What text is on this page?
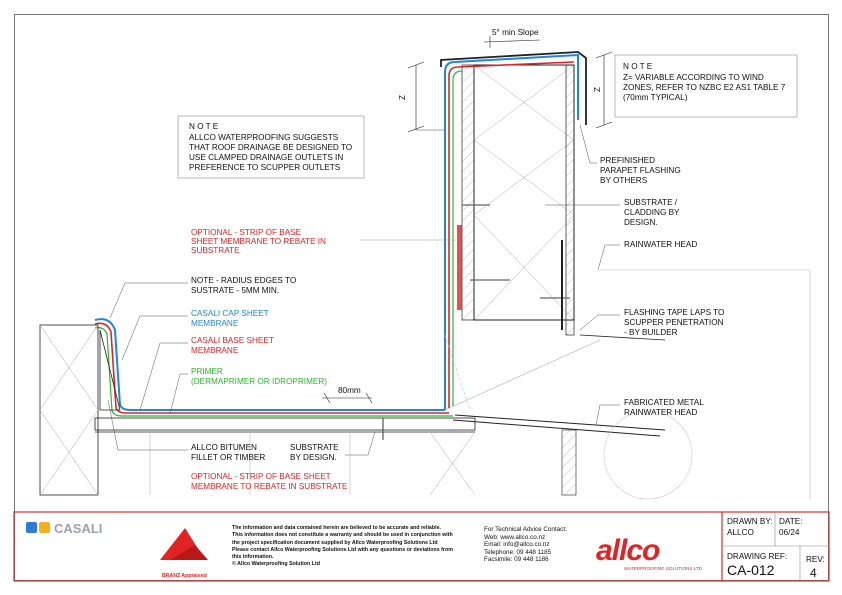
5° min Slope
Z
Z
80mm
N O T E
Z= VARIABLE ACCORDING TO WIND
ZONES, REFER TO NZBC E2 AS1 TABLE 7
(70mm TYPICAL)
N O T E
ALLCO WATERPROOFING SUGGESTS
THAT ROOF DRAINAGE BE DESIGNED TO
USE CLAMPED DRAINAGE OUTLETS IN
PREFERENCE TO SCUPPER OUTLETS
OPTIONAL - STRIP OF BASE
SHEET MEMBRANE TO REBATE IN
SUBSTRATE
NOTE - RADIUS EDGES TO
SUSTRATE - 5MM MIN.
CASALI CAP SHEET
MEMBRANE
CASALI BASE SHEET
MEMBRANE
PRIMER
(DERMAPRIMER OR IDROPRIMER)
ALLCO BITUMEN
FILLET OR TIMBER
SUBSTRATE
BY DESIGN.
OPTIONAL - STRIP OF BASE SHEET
MEMBRANE TO REBATE IN SUBSTRATE
PREFINISHED
PARAPET FLASHING
BY OTHERS
SUBSTRATE /
CLADDING BY
DESIGN.
RAINWATER HEAD
FLASHING TAPE LAPS TO
SCUPPER PENETRATION
- BY BUILDER
FABRICATED METAL
RAINWATER HEAD
CASALI
BRANZ Appraised
allco
WATERPROOFING SOLUTIONS LTD
DRAWN BY:
ALLCO
DATE:
06/24
DRAWING REF:
CA-012
REV:
4
The information and data contained herein are believed to be accurate and reliable.
This information does not constitute a warranty and should be used in conjunction with
the project specification document supplied by Allco Waterproofing Solutions Ltd
Please contact Allco Waterproofing Solutions Ltd with any questions or deviations from
this information.
© Allco Waterproofing Solution Ltd
For Technical Advice Contact:
Web: www.allco.co.nz
Email: info@allco.co.nz
Telephone: 09 448 1185
Facsimile: 09 448 1186
